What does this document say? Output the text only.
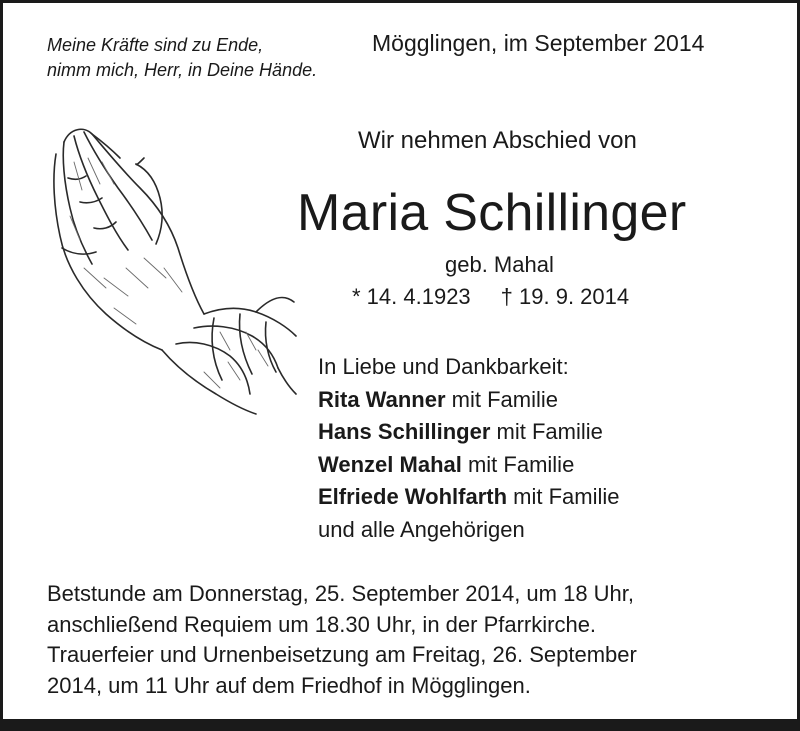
Meine Kräfte sind zu Ende,
nimm mich, Herr, in Deine Hände.

Mögglingen, im September 2014

Wir nehmen Abschied von

Maria Schillinger

geb. Mahal

* 14. 4.1923 † 19. 9. 2014

In Liebe und Dankbarkeit:
Rita Wanner mit Familie
Hans Schillinger mit Familie
Wenzel Mahal mit Familie
Elfriede Wohlfarth mit Familie
und alle Angehörigen

Betstunde am Donnerstag, 25. September 2014, um 18 Uhr,
anschließend Requiem um 18.30 Uhr, in der Pfarrkirche.
Trauerfeier und Urnenbeisetzung am Freitag, 26. September
2014, um 11 Uhr auf dem Friedhof in Mögglingen.
